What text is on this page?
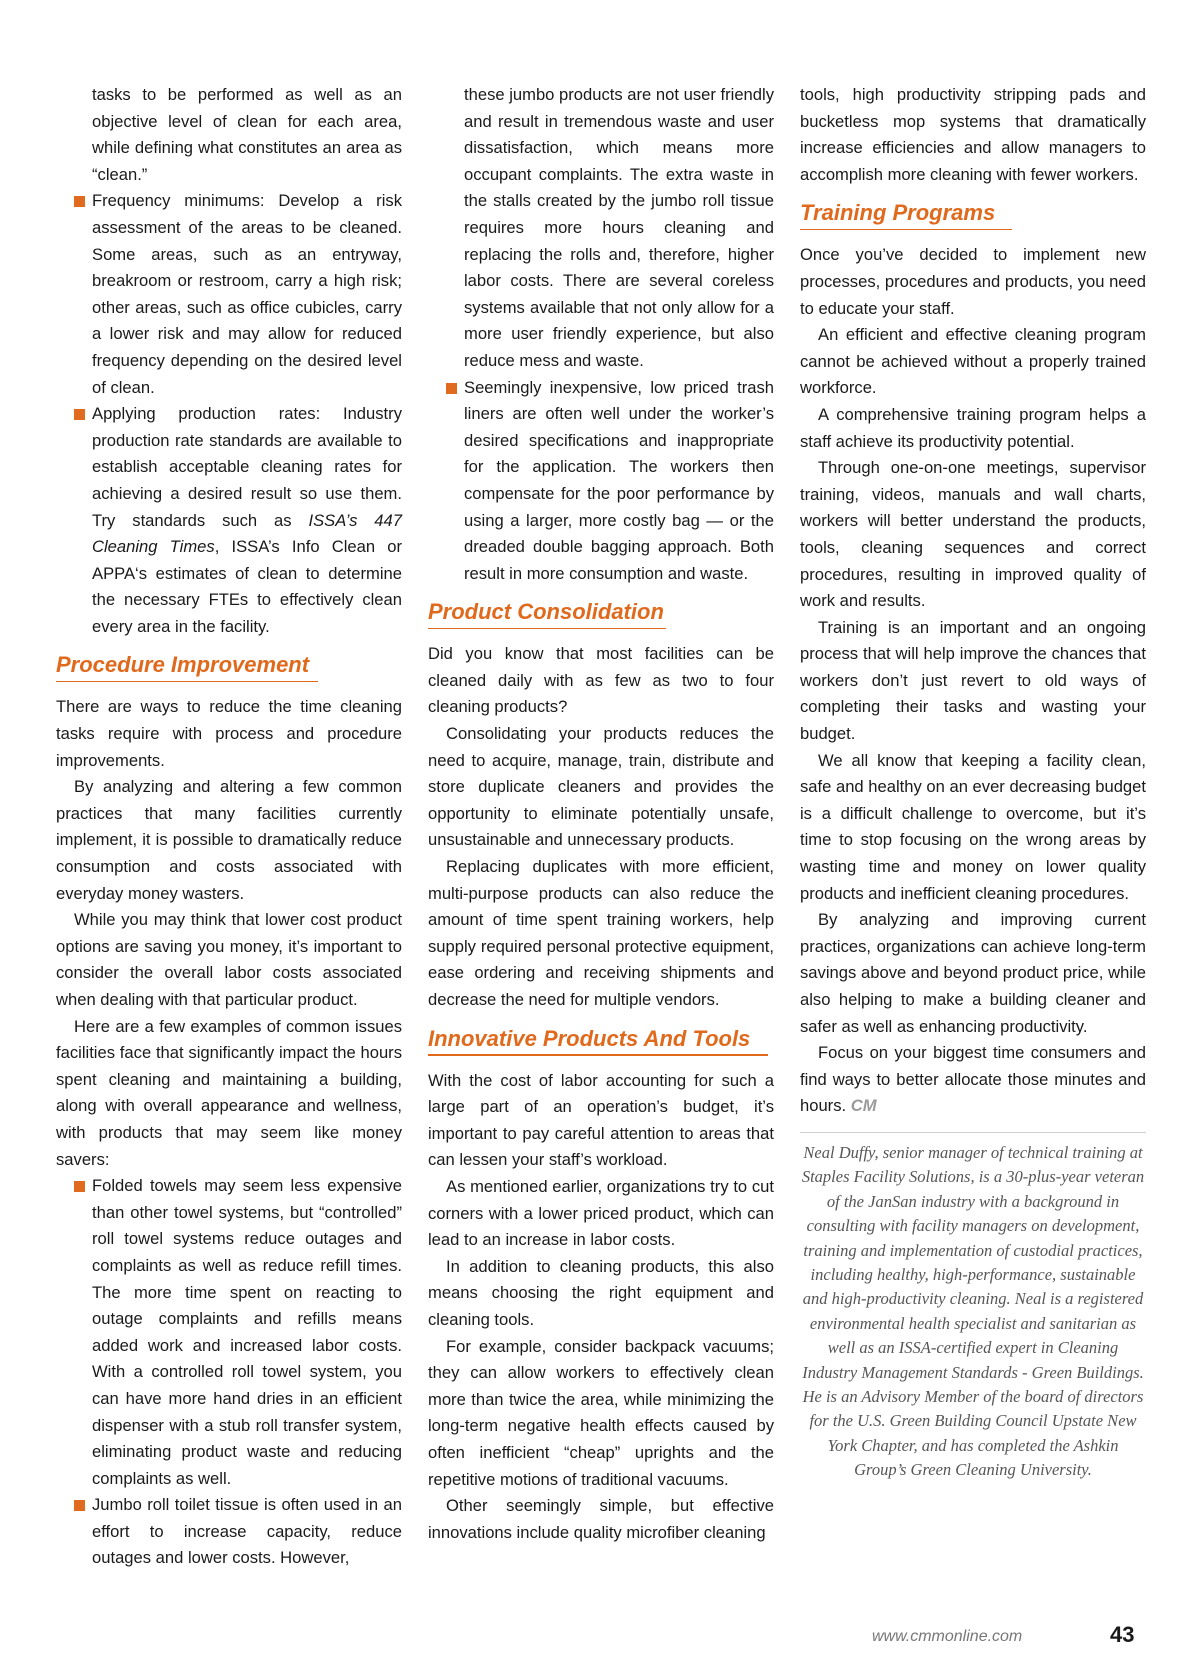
tasks to be performed as well as an objective level of clean for each area, while defining what constitutes an area as “clean.”

Frequency minimums: Develop a risk assessment of the areas to be cleaned. Some areas, such as an entryway, breakroom or restroom, carry a high risk; other areas, such as office cubicles, carry a lower risk and may allow for reduced frequency depending on the desired level of clean.

Applying production rates: Industry production rate standards are available to establish acceptable cleaning rates for achieving a desired result so use them. Try standards such as ISSA’s 447 Cleaning Times, ISSA’s Info Clean or APPA‘s estimates of clean to determine the necessary FTEs to effectively clean every area in the facility.

Procedure Improvement

There are ways to reduce the time cleaning tasks require with process and procedure improvements.

By analyzing and altering a few common practices that many facilities currently implement, it is possible to dramatically reduce consumption and costs associated with everyday money wasters.

While you may think that lower cost product options are saving you money, it’s important to consider the overall labor costs associated when dealing with that particular product.

Here are a few examples of common issues facilities face that significantly impact the hours spent cleaning and maintaining a building, along with overall appearance and wellness, with products that may seem like money savers:

Folded towels may seem less expensive than other towel systems, but “controlled” roll towel systems reduce outages and complaints as well as reduce refill times. The more time spent on reacting to outage complaints and refills means added work and increased labor costs. With a controlled roll towel system, you can have more hand dries in an efficient dispenser with a stub roll transfer system, eliminating product waste and reducing complaints as well.

Jumbo roll toilet tissue is often used in an effort to increase capacity, reduce outages and lower costs. However,

these jumbo products are not user friendly and result in tremendous waste and user dissatisfaction, which means more occupant complaints. The extra waste in the stalls created by the jumbo roll tissue requires more hours cleaning and replacing the rolls and, therefore, higher labor costs. There are several coreless systems available that not only allow for a more user friendly experience, but also reduce mess and waste.

Seemingly inexpensive, low priced trash liners are often well under the worker’s desired specifications and inappropriate for the application. The workers then compensate for the poor performance by using a larger, more costly bag — or the dreaded double bagging approach. Both result in more consumption and waste.

Product Consolidation

Did you know that most facilities can be cleaned daily with as few as two to four cleaning products?

Consolidating your products reduces the need to acquire, manage, train, distribute and store duplicate cleaners and provides the opportunity to eliminate potentially unsafe, unsustainable and unnecessary products.

Replacing duplicates with more efficient, multi-purpose products can also reduce the amount of time spent training workers, help supply required personal protective equipment, ease ordering and receiving shipments and decrease the need for multiple vendors.

Innovative Products And Tools

With the cost of labor accounting for such a large part of an operation’s budget, it’s important to pay careful attention to areas that can lessen your staff’s workload.

As mentioned earlier, organizations try to cut corners with a lower priced product, which can lead to an increase in labor costs.

In addition to cleaning products, this also means choosing the right equipment and cleaning tools.

For example, consider backpack vacuums; they can allow workers to effectively clean more than twice the area, while minimizing the long-term negative health effects caused by often inefficient “cheap” uprights and the repetitive motions of traditional vacuums.

Other seemingly simple, but effective innovations include quality microfiber cleaning

tools, high productivity stripping pads and bucketless mop systems that dramatically increase efficiencies and allow managers to accomplish more cleaning with fewer workers.

Training Programs

Once you’ve decided to implement new processes, procedures and products, you need to educate your staff.

An efficient and effective cleaning program cannot be achieved without a properly trained workforce.

A comprehensive training program helps a staff achieve its productivity potential.

Through one-on-one meetings, supervisor training, videos, manuals and wall charts, workers will better understand the products, tools, cleaning sequences and correct procedures, resulting in improved quality of work and results.

Training is an important and an ongoing process that will help improve the chances that workers don’t just revert to old ways of completing their tasks and wasting your budget.

We all know that keeping a facility clean, safe and healthy on an ever decreasing budget is a difficult challenge to overcome, but it’s time to stop focusing on the wrong areas by wasting time and money on lower quality products and inefficient cleaning procedures.

By analyzing and improving current practices, organizations can achieve long-term savings above and beyond product price, while also helping to make a building cleaner and safer as well as enhancing productivity.

Focus on your biggest time consumers and find ways to better allocate those minutes and hours. CM

Neal Duffy, senior manager of technical training at Staples Facility Solutions, is a 30-plus-year veteran of the JanSan industry with a background in consulting with facility managers on development, training and implementation of custodial practices, including healthy, high-performance, sustainable and high-productivity cleaning. Neal is a registered environmental health specialist and sanitarian as well as an ISSA-certified expert in Cleaning Industry Management Standards - Green Buildings. He is an Advisory Member of the board of directors for the U.S. Green Building Council Upstate New York Chapter, and has completed the Ashkin Group’s Green Cleaning University.
www.cmmonline.com	43
